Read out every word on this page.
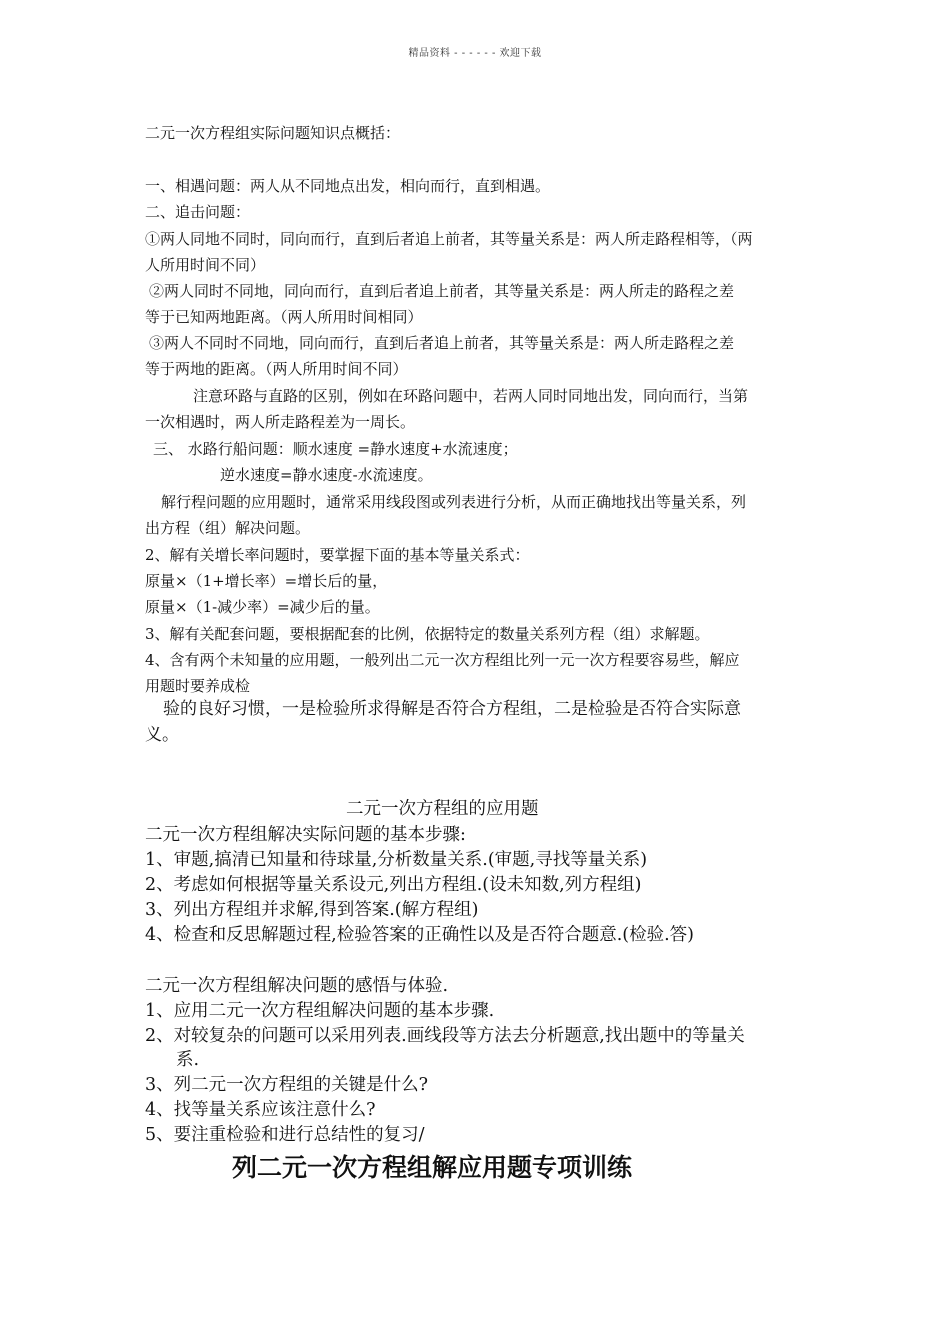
精品资料 - - - - - - 欢迎下载
二元一次方程组实际问题知识点概括：
一、相遇问题：两人从不同地点出发，相向而行，直到相遇。
二、追击问题：
①两人同地不同时，同向而行，直到后者追上前者，其等量关系是：两人所走路程相等，（两
人所用时间不同）
②两人同时不同地，同向而行，直到后者追上前者，其等量关系是：两人所走的路程之差
等于已知两地距离。（两人所用时间相同）
③两人不同时不同地，同向而行，直到后者追上前者，其等量关系是：两人所走路程之差
等于两地的距离。（两人所用时间不同）
注意环路与直路的区别，例如在环路问题中，若两人同时同地出发，同向而行，当第
一次相遇时，两人所走路程差为一周长。
三、 水路行船问题：顺水速度 =静水速度+水流速度；
逆水速度=静水速度-水流速度。
解行程问题的应用题时，通常采用线段图或列表进行分析，从而正确地找出等量关系，列
出方程（组）解决问题。
2、解有关增长率问题时，要掌握下面的基本等量关系式：
原量×（1+增长率）=增长后的量，
原量×（1-减少率）=减少后的量。
3、解有关配套问题，要根据配套的比例，依据特定的数量关系列方程（组）求解题。
4、含有两个未知量的应用题，一般列出二元一次方程组比列一元一次方程要容易些，解应
用题时要养成检
验的良好习惯，一是检验所求得解是否符合方程组，二是检验是否符合实际意
义。
二元一次方程组的应用题
二元一次方程组解决实际问题的基本步骤:
1、审题,搞清已知量和待球量,分析数量关系.(审题,寻找等量关系)
2、考虑如何根据等量关系设元,列出方程组.(设未知数,列方程组)
3、列出方程组并求解,得到答案.(解方程组)
4、检查和反思解题过程,检验答案的正确性以及是否符合题意.(检验.答)
二元一次方程组解决问题的感悟与体验.
1、应用二元一次方程组解决问题的基本步骤.
2、对较复杂的问题可以采用列表.画线段等方法去分析题意,找出题中的等量关
系.
3、列二元一次方程组的关键是什么?
4、找等量关系应该注意什么?
5、要注重检验和进行总结性的复习/
列二元一次方程组解应用题专项训练
